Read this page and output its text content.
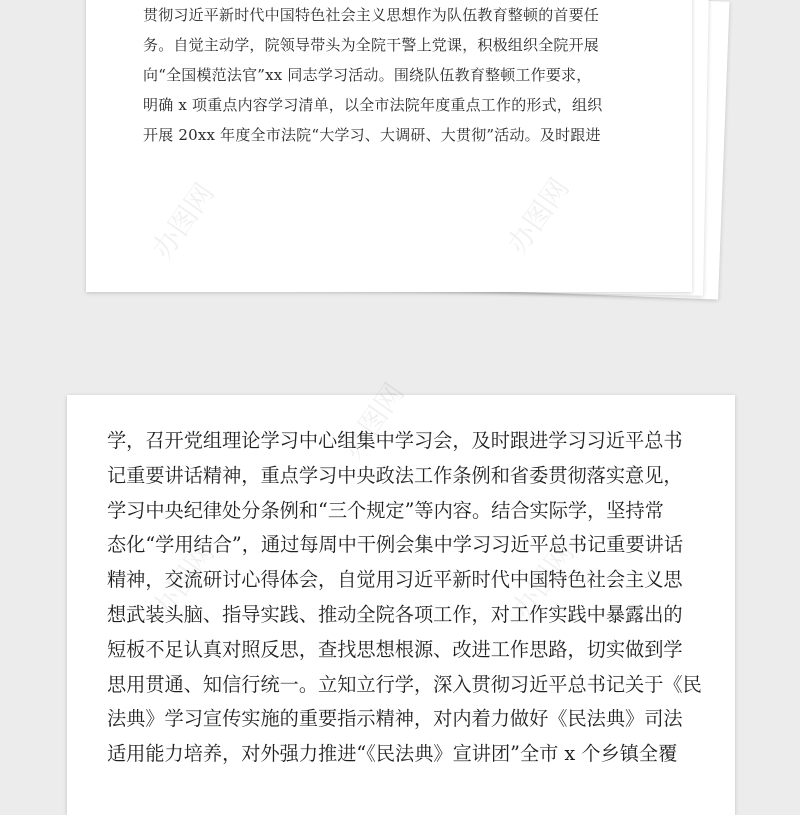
贯彻习近平新时代中国特色社会主义思想作为队伍教育整顿的首要任
务。自觉主动学，院领导带头为全院干警上党课，积极组织全院开展
向“全国模范法官”xx 同志学习活动。围绕队伍教育整顿工作要求，
明确 x 项重点内容学习清单，以全市法院年度重点工作的形式，组织
开展 20xx 年度全市法院“大学习、大调研、大贯彻”活动。及时跟进
学，召开党组理论学习中心组集中学习会，及时跟进学习习近平总书
记重要讲话精神，重点学习中央政法工作条例和省委贯彻落实意见，
学习中央纪律处分条例和“三个规定”等内容。结合实际学，坚持常
态化“学用结合”，通过每周中干例会集中学习习近平总书记重要讲话
精神，交流研讨心得体会，自觉用习近平新时代中国特色社会主义思
想武装头脑、指导实践、推动全院各项工作，对工作实践中暴露出的
短板不足认真对照反思，查找思想根源、改进工作思路，切实做到学
思用贯通、知信行统一。立知立行学，深入贯彻习近平总书记关于《民
法典》学习宣传实施的重要指示精神，对内着力做好《民法典》司法
适用能力培养，对外强力推进“《民法典》宣讲团”全市 x 个乡镇全覆
